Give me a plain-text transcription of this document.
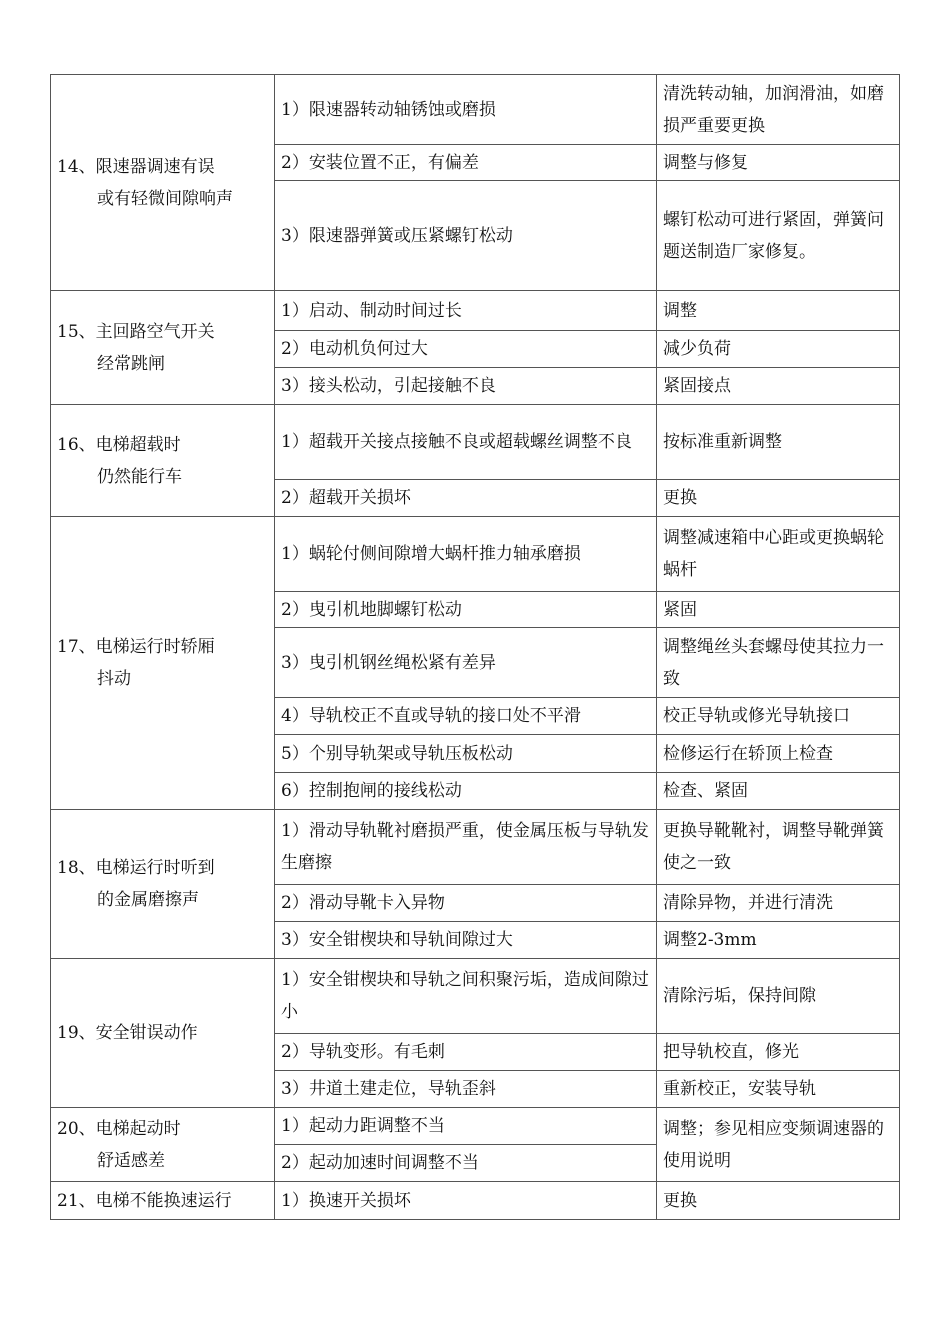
14、限速器调速有误
或有轻微间隙响声	1）限速器转动轴锈蚀或磨损	清洗转动轴，加润滑油，如磨损严重要更换
	2）安装位置不正，有偏差	调整与修复
	3）限速器弹簧或压紧螺钉松动	螺钉松动可进行紧固，弹簧问题送制造厂家修复。

15、主回路空气开关
经常跳闸	1）启动、制动时间过长	调整
	2）电动机负何过大	减少负荷
	3）接头松动，引起接触不良	紧固接点

16、电梯超载时
仍然能行车	1）超载开关接点接触不良或超载螺丝调整不良	按标准重新调整
	2）超载开关损坏	更换

17、电梯运行时轿厢
抖动	1）蜗轮付侧间隙增大蜗杆推力轴承磨损	调整减速箱中心距或更换蜗轮蜗杆
	2）曳引机地脚螺钉松动	紧固
	3）曳引机钢丝绳松紧有差异	调整绳丝头套螺母使其拉力一致
	4）导轨校正不直或导轨的接口处不平滑	校正导轨或修光导轨接口
	5）个别导轨架或导轨压板松动	检修运行在轿顶上检查
	6）控制抱闸的接线松动	检查、紧固

18、电梯运行时听到
的金属磨擦声	1）滑动导轨靴衬磨损严重，使金属压板与导轨发生磨擦	更换导靴靴衬，调整导靴弹簧使之一致
	2）滑动导靴卡入异物	清除异物，并进行清洗
	3）安全钳楔块和导轨间隙过大	调整2-3mm

19、安全钳误动作	1）安全钳楔块和导轨之间积聚污垢，造成间隙过小	清除污垢，保持间隙
	2）导轨变形。有毛刺	把导轨校直，修光
	3）井道土建走位，导轨歪斜	重新校正，安装导轨

20、电梯起动时
舒适感差	1）起动力距调整不当	调整；参见相应变频调速器的使用说明
	2）起动加速时间调整不当	

21、电梯不能换速运行	1）换速开关损坏	更换
